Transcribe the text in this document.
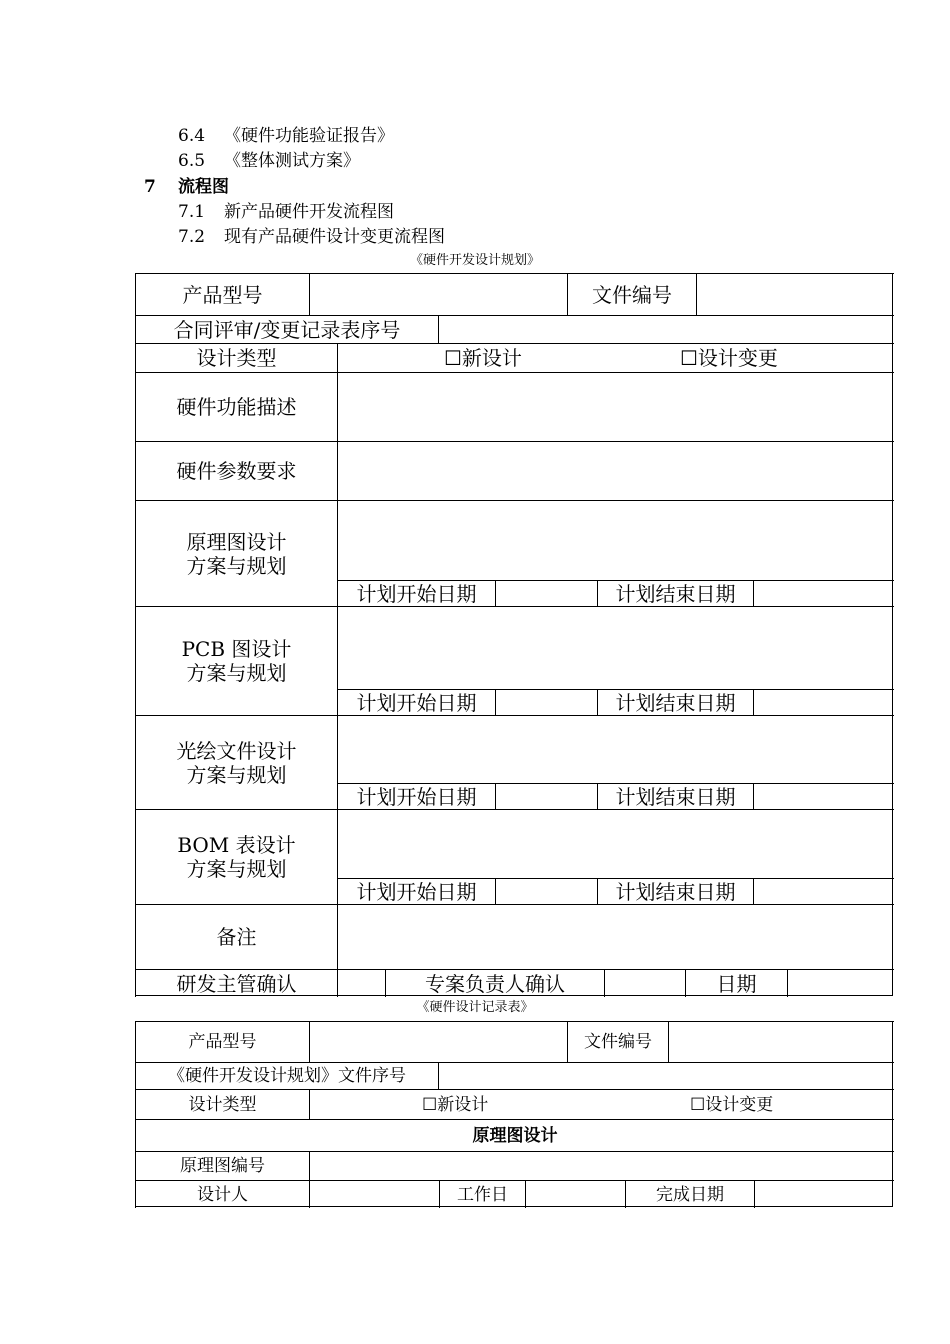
6.4 《硬件功能验证报告》
6.5 《整体测试方案》
7 流程图
7.1 新产品硬件开发流程图
7.2 现有产品硬件设计变更流程图
《硬件开发设计规划》
产品型号	文件编号
合同评审/变更记录表序号
设计类型	☐新设计	☐设计变更
硬件功能描述
硬件参数要求
原理图设计
方案与规划
计划开始日期	计划结束日期
PCB 图设计
方案与规划
计划开始日期	计划结束日期
光绘文件设计
方案与规划
计划开始日期	计划结束日期
BOM 表设计
方案与规划
计划开始日期	计划结束日期
备注
研发主管确认	专案负责人确认	日期
《硬件设计记录表》
产品型号	文件编号
《硬件开发设计规划》文件序号
设计类型	☐新设计	☐设计变更
原理图设计
原理图编号
设计人	工作日	完成日期
